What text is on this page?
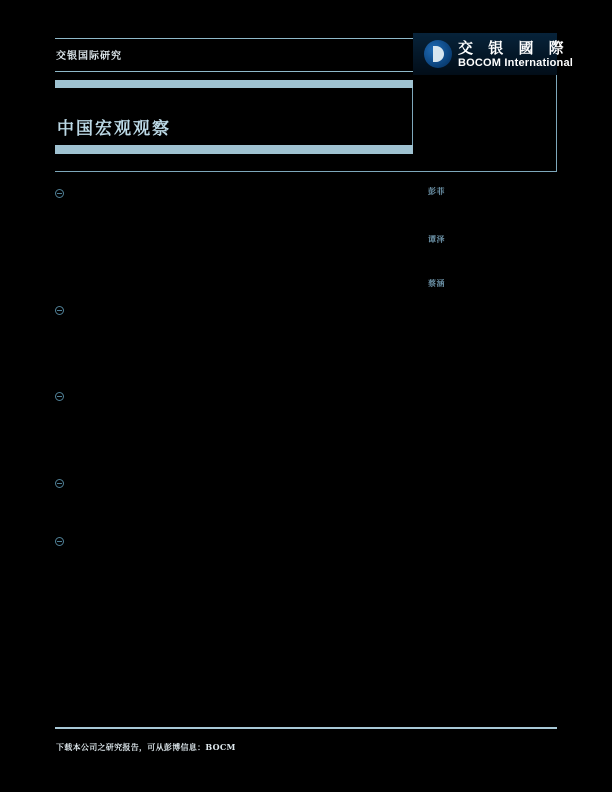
交银国际研究	交 银 國 際
BOCOM International
中国宏观观察
彭菲
谭泽
蔡涵
下载本公司之研究报告，可从彭博信息：BOCM
